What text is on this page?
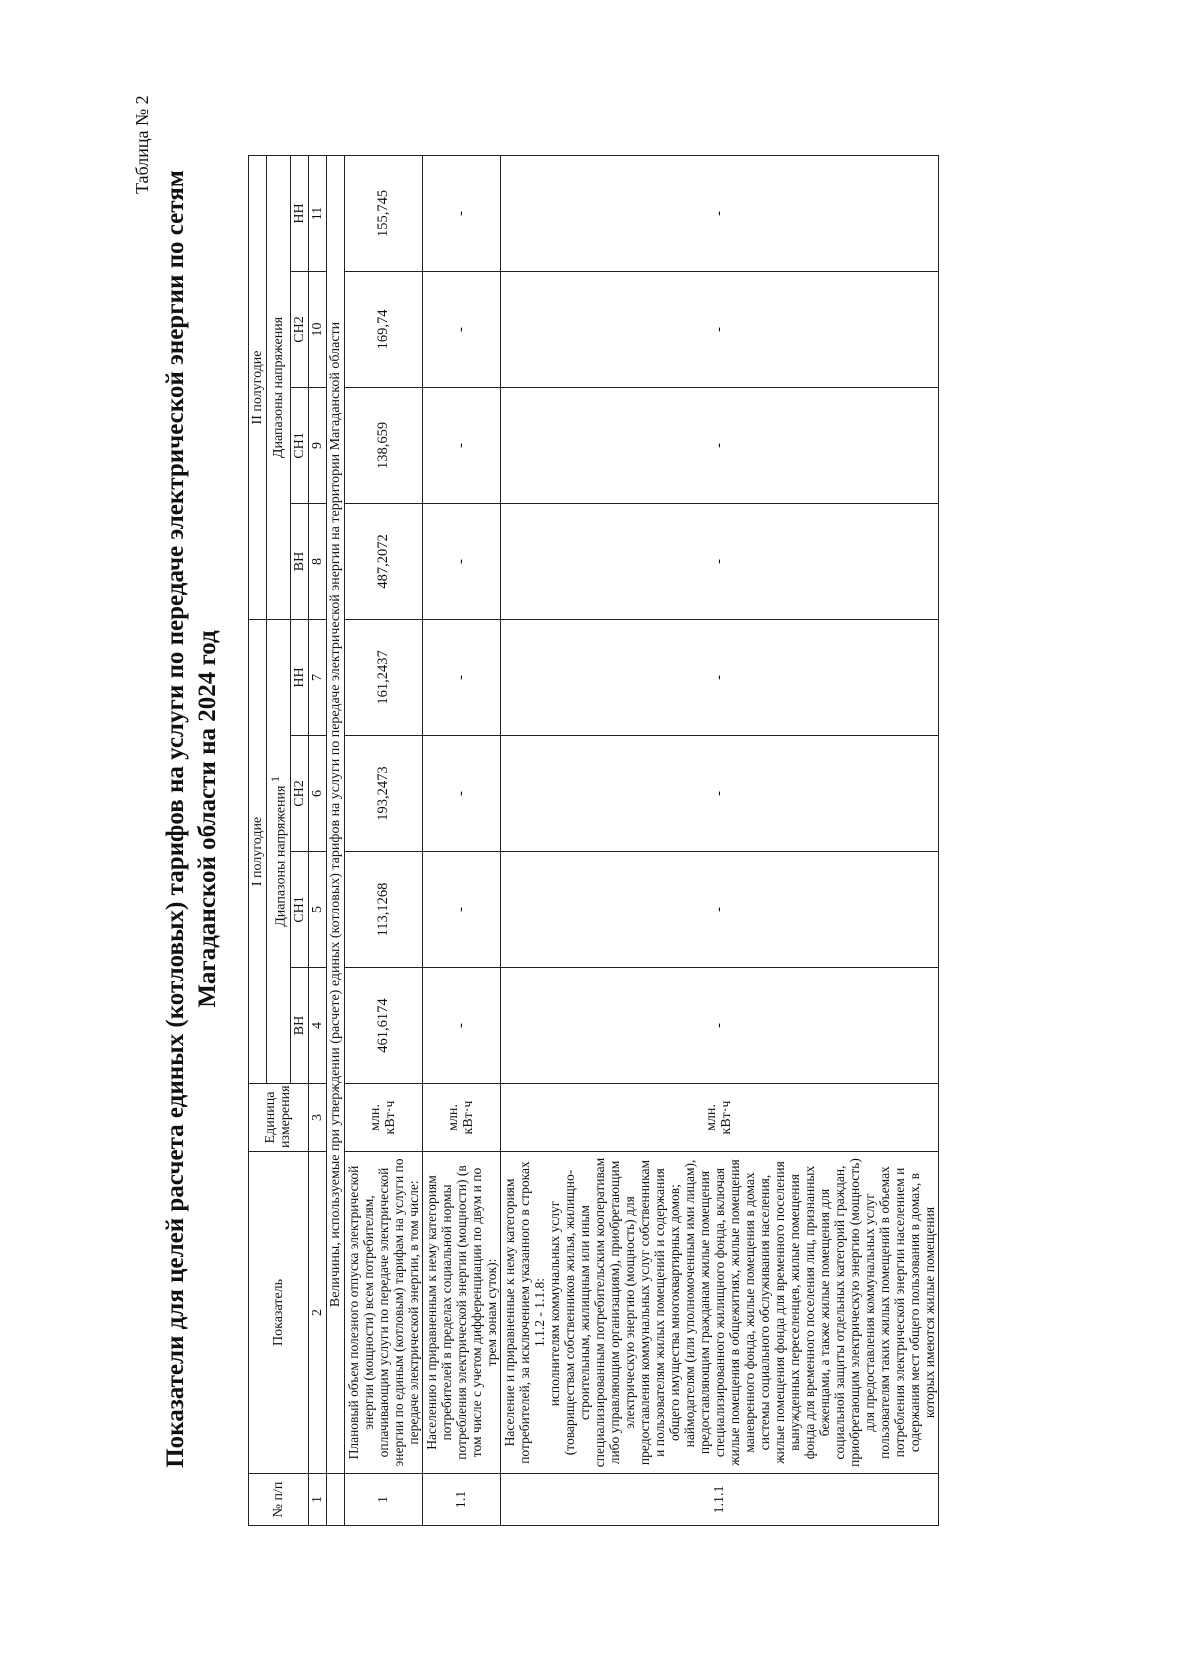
Таблица № 2
Показатели для целей расчета единых (котловых) тарифов на услуги по передаче электрической энергии по сетям Магаданской области на 2024 год
№ п/п	Показатель	Единица измерения	I полугодие				II полугодие			
			Диапазоны напряжения $^1$				Диапазоны напряжения			
			ВН	СН1	СН2	НН	ВН	СН1	СН2	НН
1	2	3	4	5	6	7	8	9	10	11
	Величины, используемые при утверждении (расчете) единых (котловых) тарифов на услуги по передаче электрической энергии на территории Магаданской области									
1	Плановый объем полезного отпуска электрической энергии (мощности) всем потребителям, оплачивающим услуги по передаче электрической энергии по единым (котловым) тарифам на услуги по передаче электрической энергии, в том числе:	млн. кВт·ч	461,6174	113,1268	193,2473	161,2437	487,2072	138,659	169,74	155,745
1.1	Населению и приравненным к нему категориям потребителей в пределах социальной нормы потребления электрической энергии (мощности) (в том числе с учетом дифференциации по двум и по трем зонам суток):	млн. кВт·ч	-	-	-	-	-	-	-	-
1.1.1	Население и приравненные к нему категориям потребителей, за исключением указанного в строках 1.1.2 - 1.1.8: исполнителям коммунальных услуг (товариществам собственников жилья, жилищно-строительным, жилищным или иным специализированным потребительским кооперативам либо управляющим организациям), приобретающим электрическую энергию (мощность) для предоставления коммунальных услуг собственникам и пользователям жилых помещений и содержания общего имущества многоквартирных домов; наймодателям (или уполномоченным ими лицам), предоставляющим гражданам жилые помещения специализированного жилищного фонда, включая жилые помещения в общежитиях, жилые помещения маневренного фонда, жилые помещения в домах системы социального обслуживания населения, жилые помещения фонда для временного поселения вынужденных переселенцев, жилые помещения фонда для временного поселения лиц, признанных беженцами, а также жилые помещения для социальной защиты отдельных категорий граждан, приобретающим электрическую энергию (мощность) для предоставления коммунальных услуг пользователям таких жилых помещений в объемах потребления электрической энергии населением и содержания мест общего пользования в домах, в которых имеются жилые помещения	млн. кВт·ч	-	-	-	-	-	-	-	-
